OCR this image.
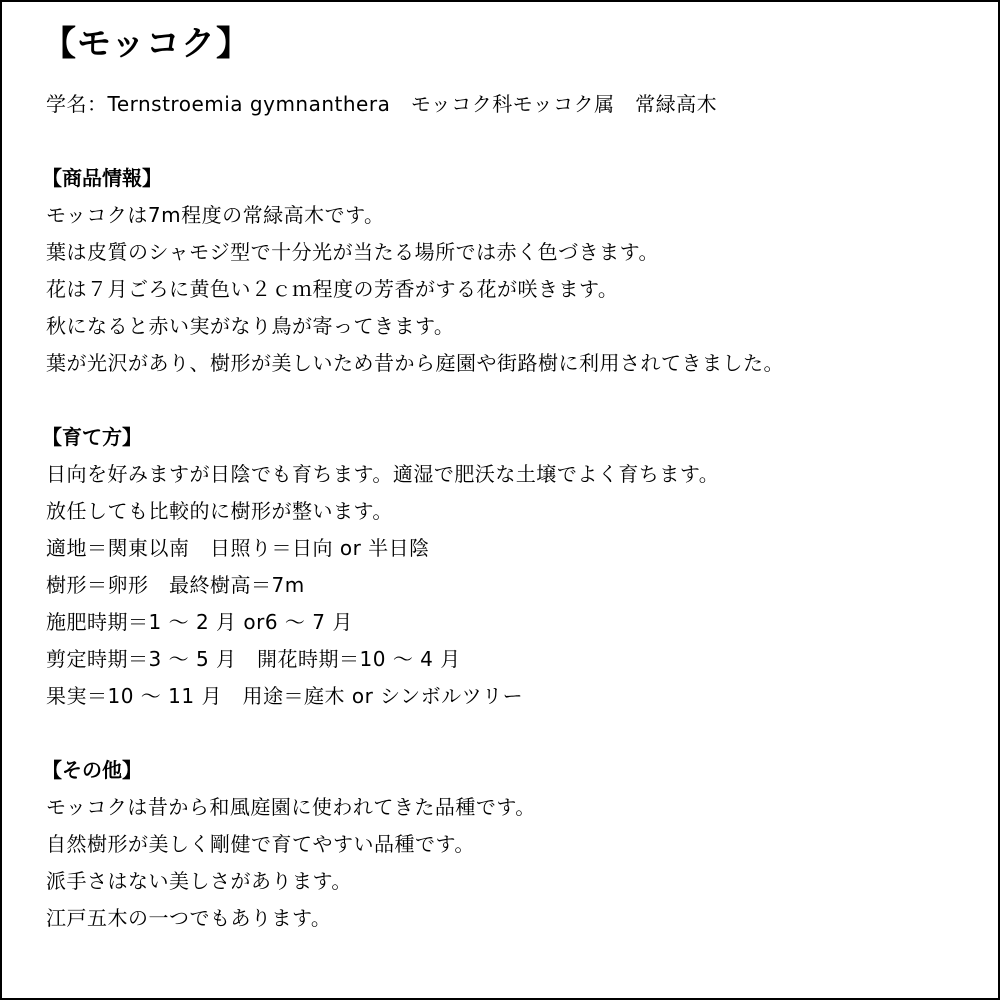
【モッコク】
学名：Ternstroemia gymnanthera　モッコク科モッコク属　常緑高木
【商品情報】
モッコクは7m程度の常緑高木です。
葉は皮質のシャモジ型で十分光が当たる場所では赤く色づきます。
花は７月ごろに黄色い２ｃｍ程度の芳香がする花が咲きます。
秋になると赤い実がなり鳥が寄ってきます。
葉が光沢があり、樹形が美しいため昔から庭園や街路樹に利用されてきました。
【育て方】
日向を好みますが日陰でも育ちます。適湿で肥沃な土壌でよく育ちます。
放任しても比較的に樹形が整います。
適地＝関東以南　日照り＝日向 or 半日陰
樹形＝卵形　最終樹高＝7m
施肥時期＝1 ～ 2 月 or6 ～ 7 月
剪定時期＝3 ～ 5 月　開花時期＝10 ～ 4 月
果実＝10 ～ 11 月　用途＝庭木 or シンボルツリー
【その他】
モッコクは昔から和風庭園に使われてきた品種です。
自然樹形が美しく剛健で育てやすい品種です。
派手さはない美しさがあります。
江戸五木の一つでもあります。
